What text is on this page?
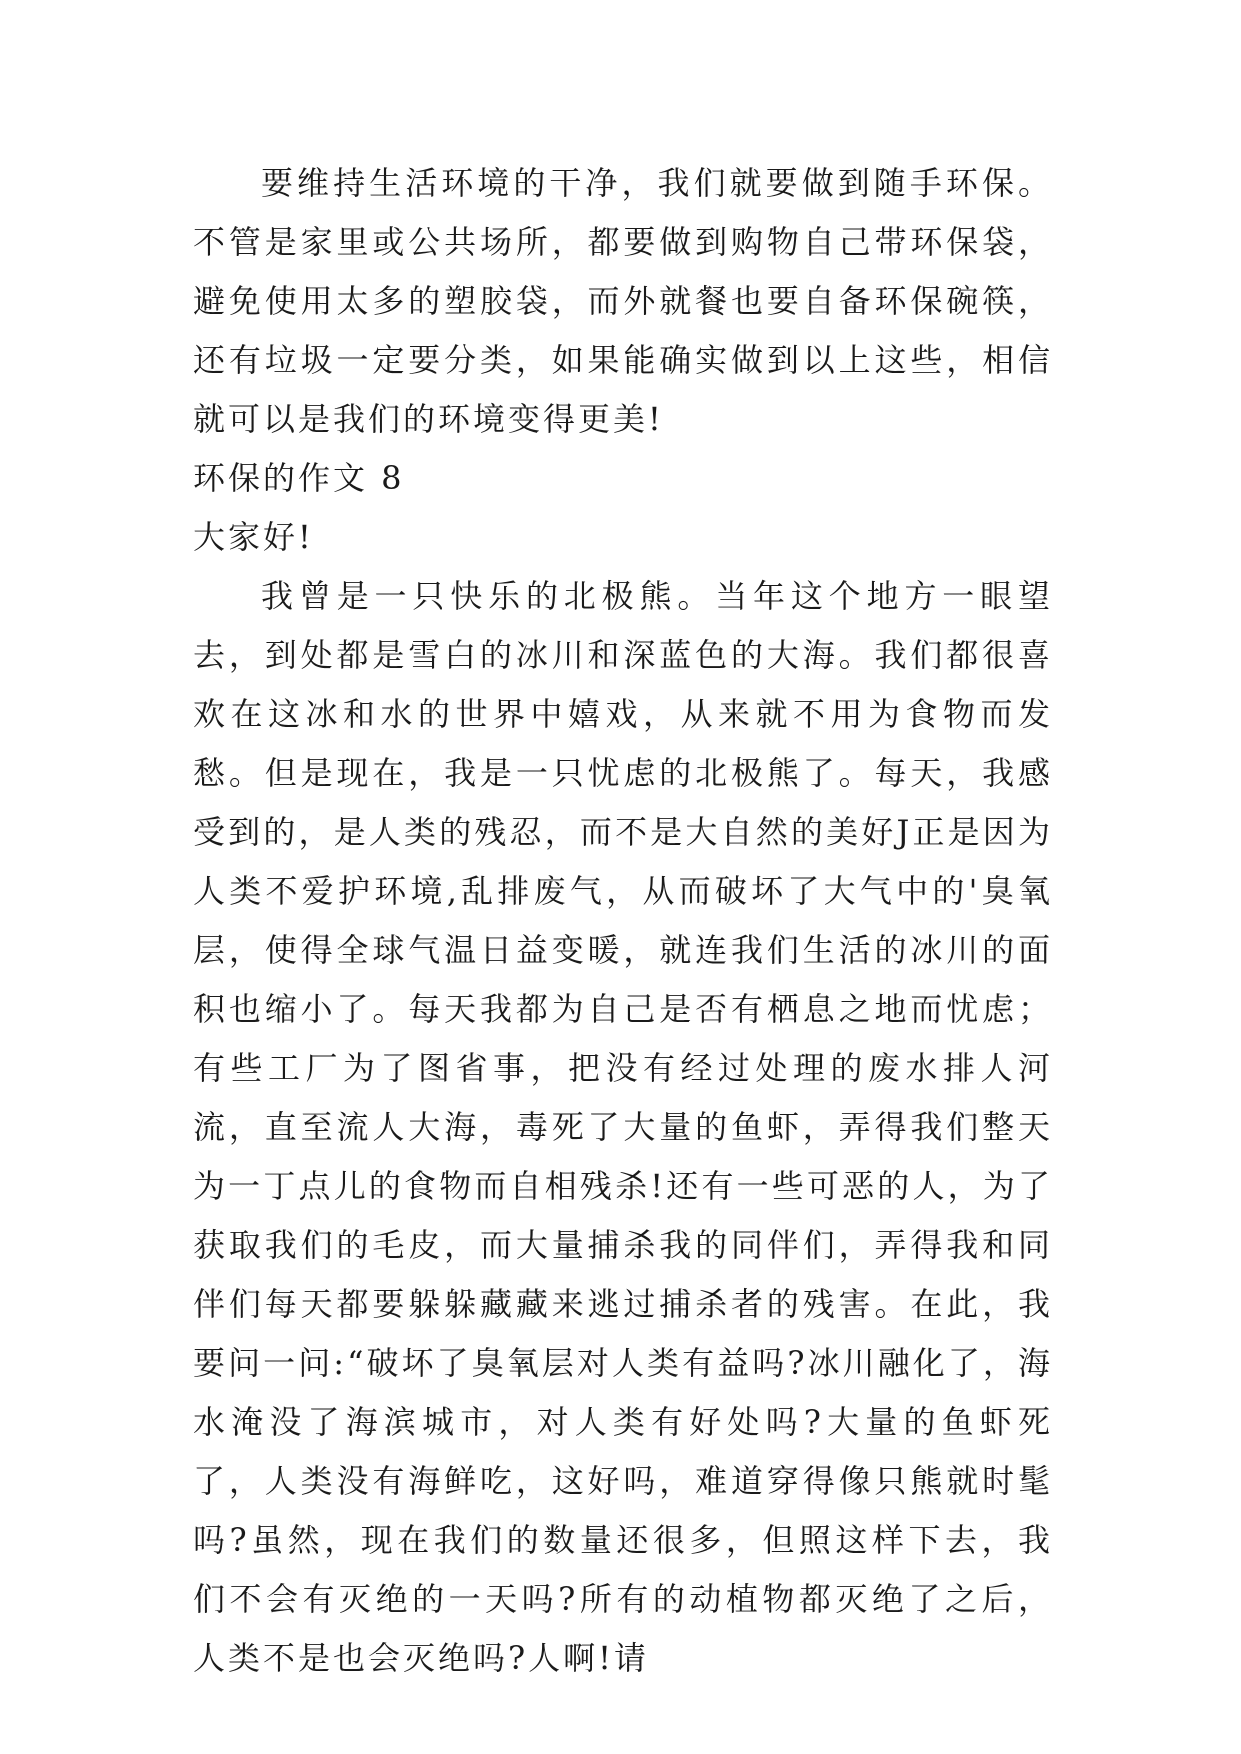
要维持生活环境的干净，我们就要做到随手环保。不管是家里或公共场所，都要做到购物自己带环保袋，避免使用太多的塑胶袋，而外就餐也要自备环保碗筷，还有垃圾一定要分类，如果能确实做到以上这些，相信就可以是我们的环境变得更美!

环保的作文 8

大家好!

我曾是一只快乐的北极熊。当年这个地方一眼望去，到处都是雪白的冰川和深蓝色的大海。我们都很喜欢在这冰和水的世界中嬉戏，从来就不用为食物而发愁。但是现在，我是一只忧虑的北极熊了。每天，我感受到的，是人类的残忍，而不是大自然的美好J正是因为人类不爱护环境,乱排废气，从而破坏了大气中的'臭氧层，使得全球气温日益变暖，就连我们生活的冰川的面积也缩小了。每天我都为自己是否有栖息之地而忧虑；有些工厂为了图省事，把没有经过处理的废水排人河流，直至流人大海，毒死了大量的鱼虾，弄得我们整天为一丁点儿的食物而自相残杀!还有一些可恶的人，为了获取我们的毛皮，而大量捕杀我的同伴们，弄得我和同伴们每天都要躲躲藏藏来逃过捕杀者的残害。在此，我要问一问:“破坏了臭氧层对人类有益吗?冰川融化了，海水淹没了海滨城市，对人类有好处吗?大量的鱼虾死了，人类没有海鲜吃，这好吗，难道穿得像只熊就时髦吗?虽然，现在我们的数量还很多，但照这样下去，我们不会有灭绝的一天吗?所有的动植物都灭绝了之后，人类不是也会灭绝吗?人啊!请
